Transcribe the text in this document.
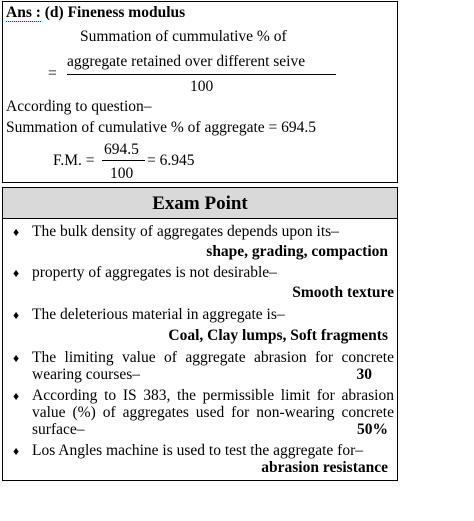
Ans : (d) Fineness modulus
Summation of cummulative % of
=
aggregate retained over different seive
100
According to question–
Summation of cumulative % of aggregate = 694.5
F.M. =
694.5
100
= 6.945
Exam Point
♦ The bulk density of aggregates depends upon its–
shape, grading, compaction
♦ property of aggregates is not desirable–
Smooth texture
♦ The deleterious material in aggregate is–
Coal, Clay lumps, Soft fragments
♦ The limiting value of aggregate abrasion for concrete wearing courses–	30
♦ According to IS 383, the permissible limit for abrasion value (%) of aggregates used for non-wearing concrete surface–	50%
♦ Los Angles machine is used to test the aggregate for–
abrasion resistance
